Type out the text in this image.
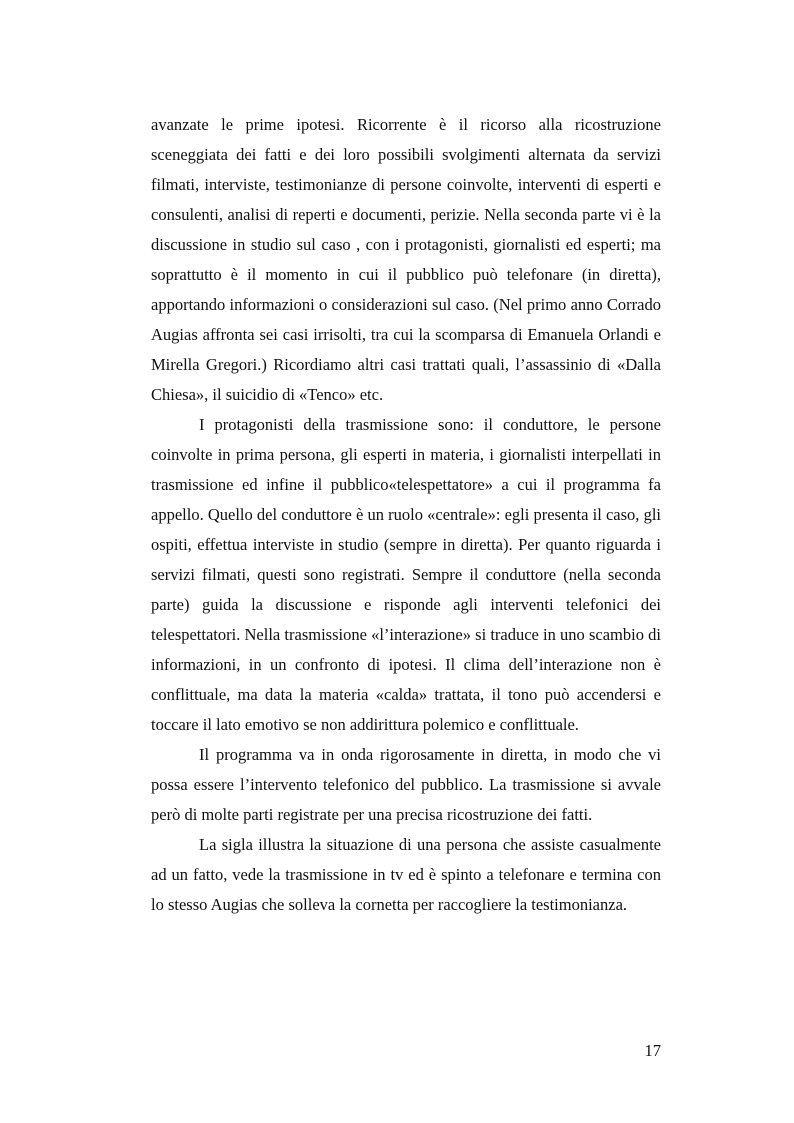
avanzate le prime ipotesi. Ricorrente è il ricorso alla ricostruzione sceneggiata dei fatti e dei loro possibili svolgimenti alternata da servizi filmati, interviste, testimonianze di persone coinvolte, interventi di esperti e consulenti, analisi di reperti e documenti, perizie. Nella seconda parte vi è la discussione in studio sul caso , con i protagonisti, giornalisti ed esperti; ma soprattutto è il momento in cui il pubblico può telefonare (in diretta), apportando informazioni o considerazioni sul caso. (Nel primo anno Corrado Augias affronta sei casi irrisolti, tra cui la scomparsa di Emanuela Orlandi e Mirella Gregori.) Ricordiamo altri casi trattati quali, l’assassinio di «Dalla Chiesa», il suicidio di «Tenco» etc.

I protagonisti della trasmissione sono: il conduttore, le persone coinvolte in prima persona, gli esperti in materia, i giornalisti interpellati in trasmissione ed infine il pubblico«telespettatore» a cui il programma fa appello. Quello del conduttore è un ruolo «centrale»: egli presenta il caso, gli ospiti, effettua interviste in studio (sempre in diretta). Per quanto riguarda i servizi filmati, questi sono registrati. Sempre il conduttore (nella seconda parte) guida la discussione e risponde agli interventi telefonici dei telespettatori. Nella trasmissione «l’interazione» si traduce in uno scambio di informazioni, in un confronto di ipotesi. Il clima dell’interazione non è conflittuale, ma data la materia «calda» trattata, il tono può accendersi e toccare il lato emotivo se non addirittura polemico e conflittuale.

Il programma va in onda rigorosamente in diretta, in modo che vi possa essere l’intervento telefonico del pubblico. La trasmissione si avvale però di molte parti registrate per una precisa ricostruzione dei fatti.

La sigla illustra la situazione di una persona che assiste casualmente ad un fatto, vede la trasmissione in tv ed è spinto a telefonare e termina con lo stesso Augias che solleva la cornetta per raccogliere la testimonianza.

17
